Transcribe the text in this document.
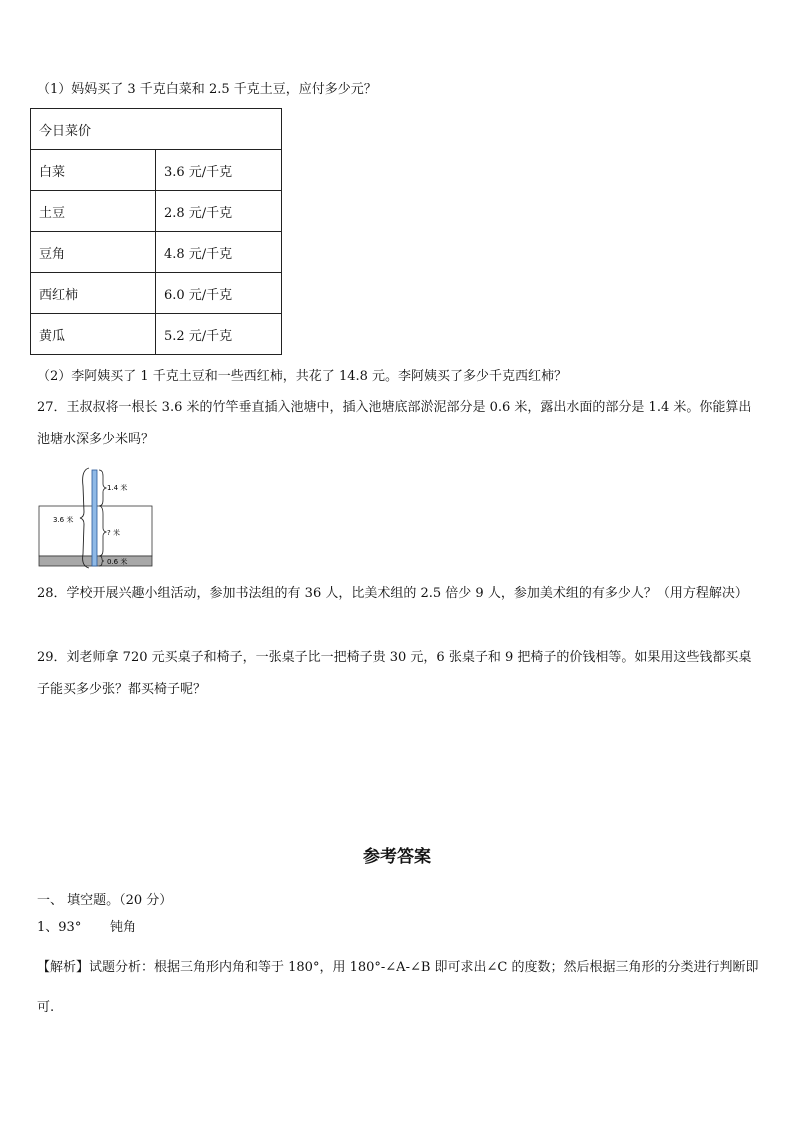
（1）妈妈买了 3 千克白菜和 2.5 千克土豆，应付多少元？
今日菜价	
白菜	3.6 元/千克
土豆	2.8 元/千克
豆角	4.8 元/千克
西红柿	6.0 元/千克
黄瓜	5.2 元/千克
（2）李阿姨买了 1 千克土豆和一些西红柿，共花了 14.8 元。李阿姨买了多少千克西红柿？
27．王叔叔将一根长 3.6 米的竹竿垂直插入池塘中，插入池塘底部淤泥部分是 0.6 米，露出水面的部分是 1.4 米。你能算出池塘水深多少米吗？
3.6 米
1.4 米
? 米
0.6 米
28．学校开展兴趣小组活动，参加书法组的有 36 人，比美术组的 2.5 倍少 9 人，参加美术组的有多少人？（用方程解决）
29．刘老师拿 720 元买桌子和椅子，一张桌子比一把椅子贵 30 元，6 张桌子和 9 把椅子的价钱相等。如果用这些钱都买桌子能买多少张？都买椅子呢？
参考答案
一、 填空题。（20 分）
1、93° 钝角
【解析】试题分析：根据三角形内角和等于 180°，用 180°-∠A-∠B 即可求出∠C 的度数；然后根据三角形的分类进行判断即可.
